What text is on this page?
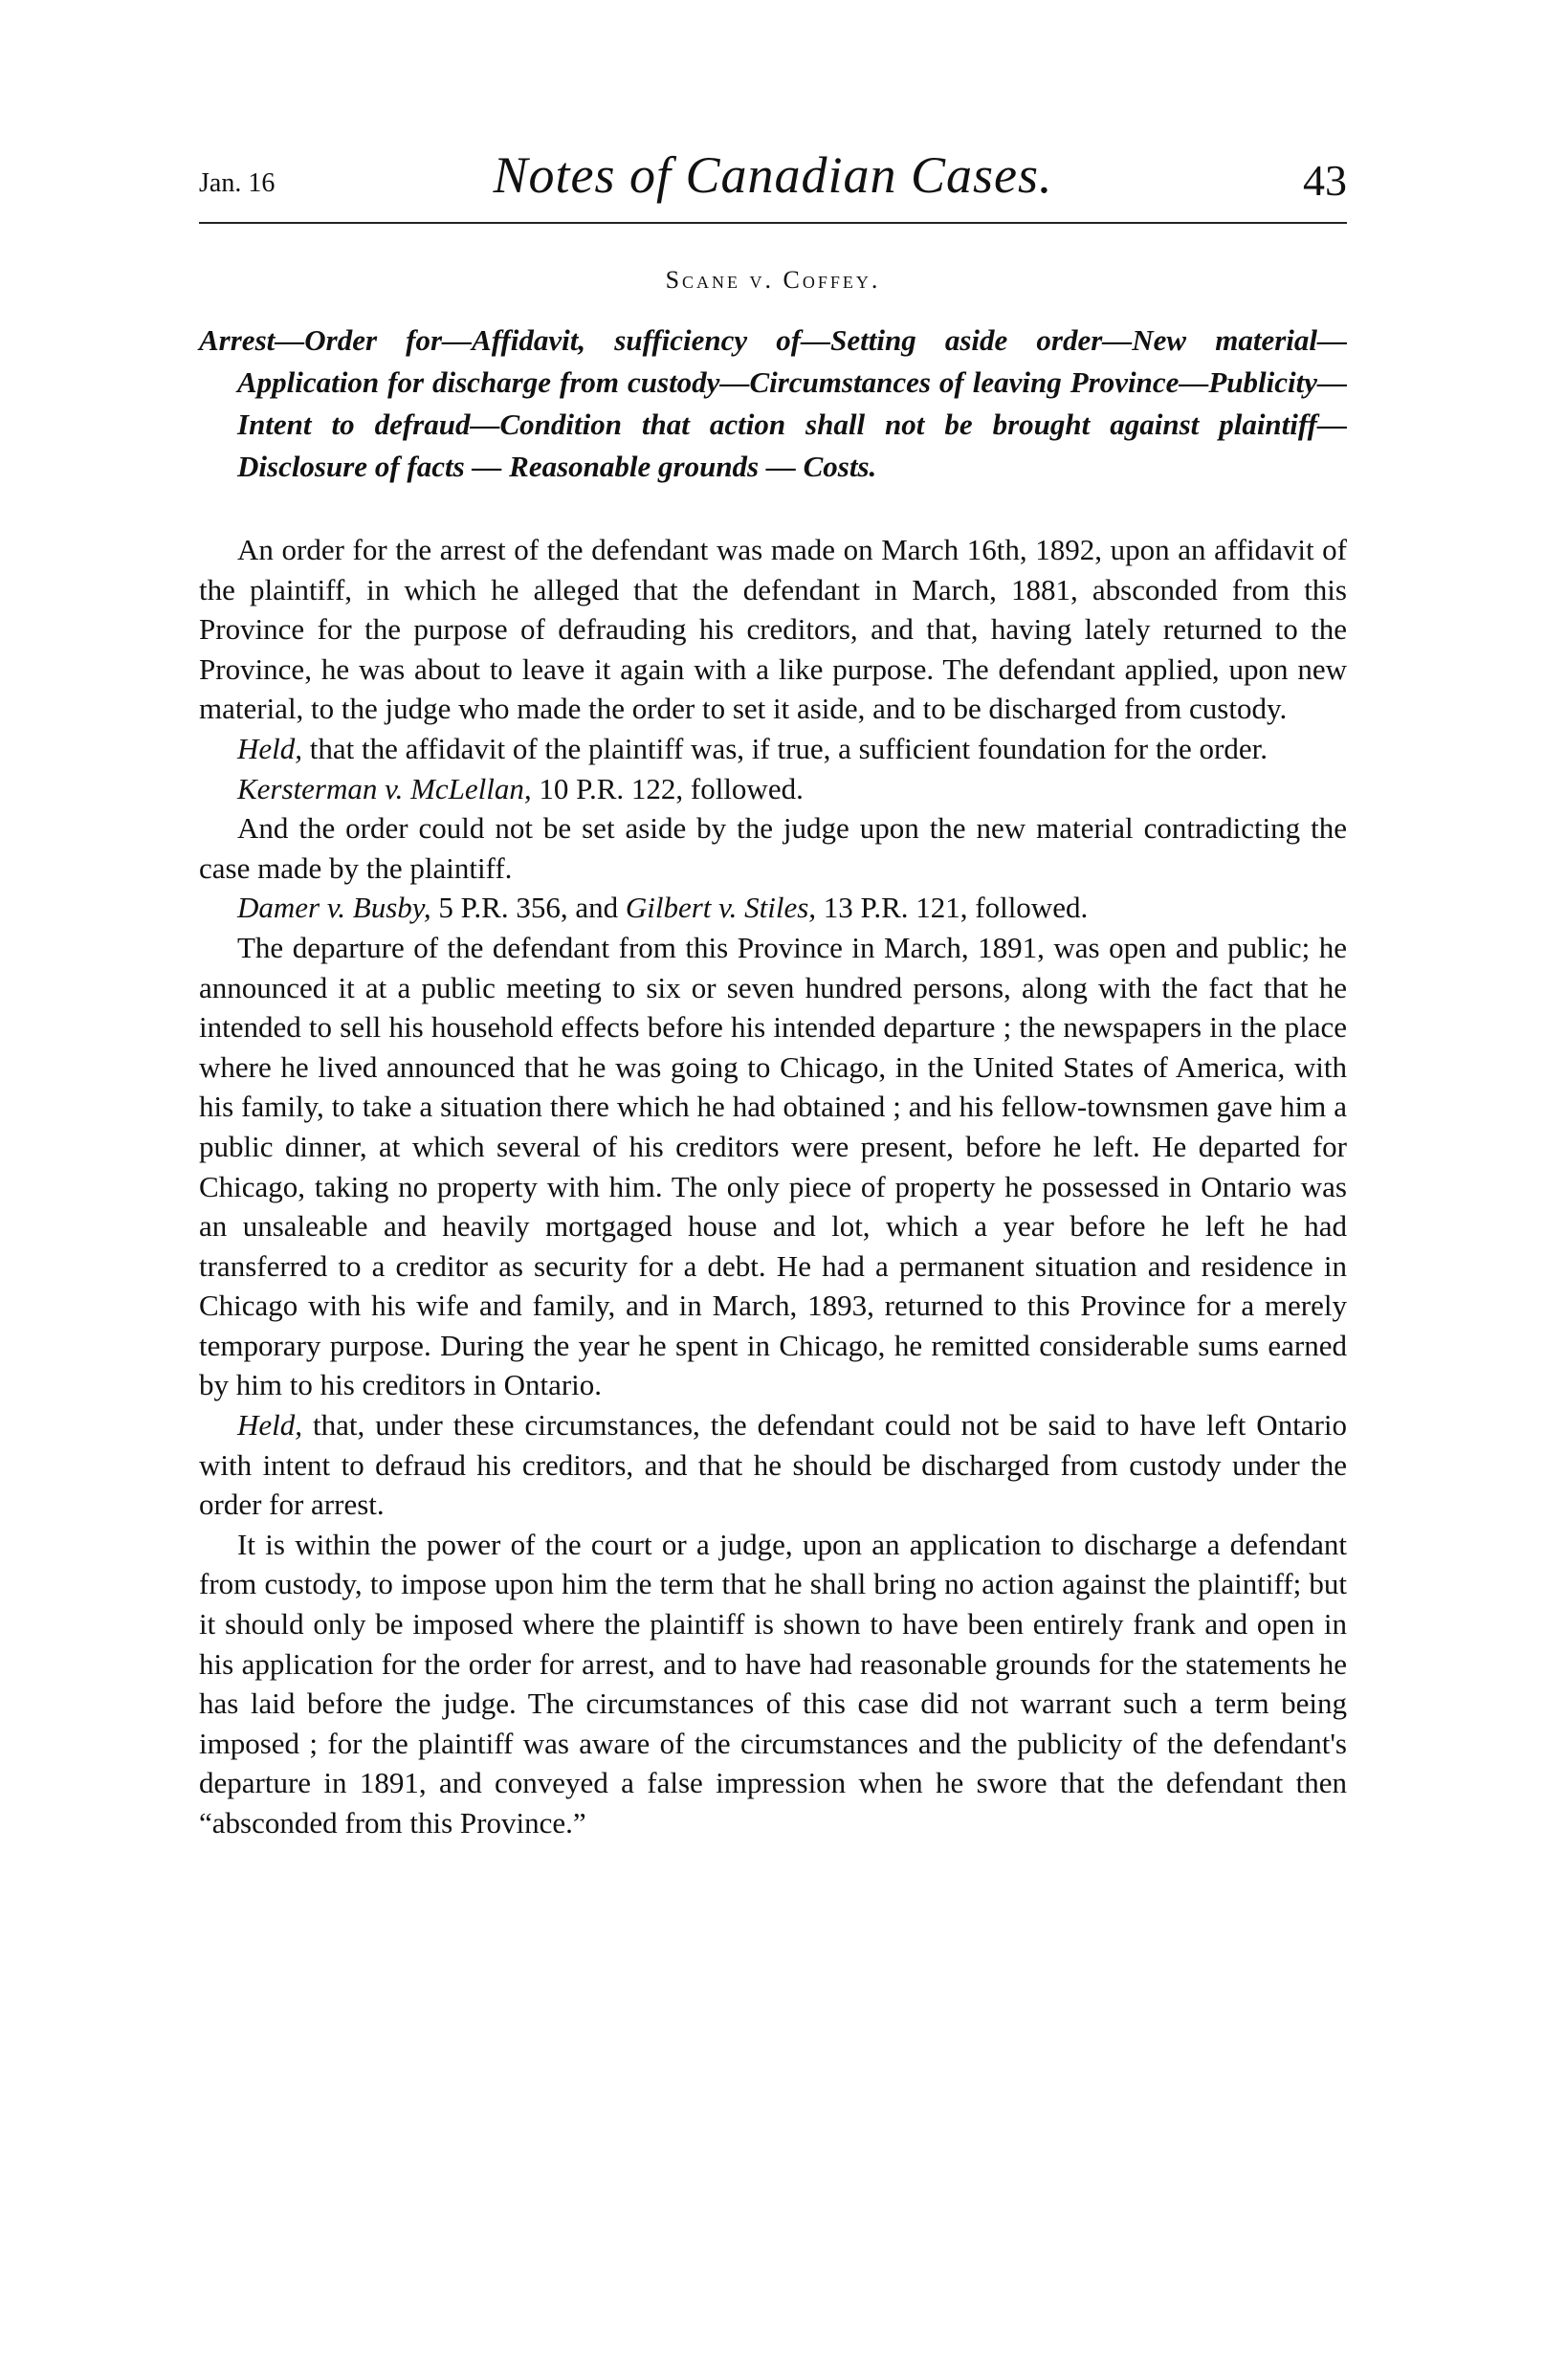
Jan. 16	Notes of Canadian Cases.	43
Scane v. Coffey.

Arrest—Order for—Affidavit, sufficiency of—Setting aside order—New material—Application for discharge from custody—Circumstances of leaving Province—Publicity—Intent to defraud—Condition that action shall not be brought against plaintiff—Disclosure of facts — Reasonable grounds — Costs.

An order for the arrest of the defendant was made on March 16th, 1892, upon an affidavit of the plaintiff, in which he alleged that the defendant in March, 1881, absconded from this Province for the purpose of defrauding his creditors, and that, having lately returned to the Province, he was about to leave it again with a like purpose. The defendant applied, upon new material, to the judge who made the order to set it aside, and to be discharged from custody.

Held, that the affidavit of the plaintiff was, if true, a sufficient foundation for the order.

Kersterman v. McLellan, 10 P.R. 122, followed.

And the order could not be set aside by the judge upon the new material contradicting the case made by the plaintiff.

Damer v. Busby, 5 P.R. 356, and Gilbert v. Stiles, 13 P.R. 121, followed.

The departure of the defendant from this Province in March, 1891, was open and public; he announced it at a public meeting to six or seven hundred persons, along with the fact that he intended to sell his household effects before his intended departure ; the newspapers in the place where he lived announced that he was going to Chicago, in the United States of America, with his family, to take a situation there which he had obtained ; and his fellow-townsmen gave him a public dinner, at which several of his creditors were present, before he left. He departed for Chicago, taking no property with him. The only piece of property he possessed in Ontario was an unsaleable and heavily mortgaged house and lot, which a year before he left he had transferred to a creditor as security for a debt. He had a permanent situation and residence in Chicago with his wife and family, and in March, 1893, returned to this Province for a merely temporary purpose. During the year he spent in Chicago, he remitted considerable sums earned by him to his creditors in Ontario.

Held, that, under these circumstances, the defendant could not be said to have left Ontario with intent to defraud his creditors, and that he should be discharged from custody under the order for arrest.

It is within the power of the court or a judge, upon an application to discharge a defendant from custody, to impose upon him the term that he shall bring no action against the plaintiff; but it should only be imposed where the plaintiff is shown to have been entirely frank and open in his application for the order for arrest, and to have had reasonable grounds for the statements he has laid before the judge. The circumstances of this case did not warrant such a term being imposed ; for the plaintiff was aware of the circumstances and the publicity of the defendant's departure in 1891, and conveyed a false impression when he swore that the defendant then “absconded from this Province.”
